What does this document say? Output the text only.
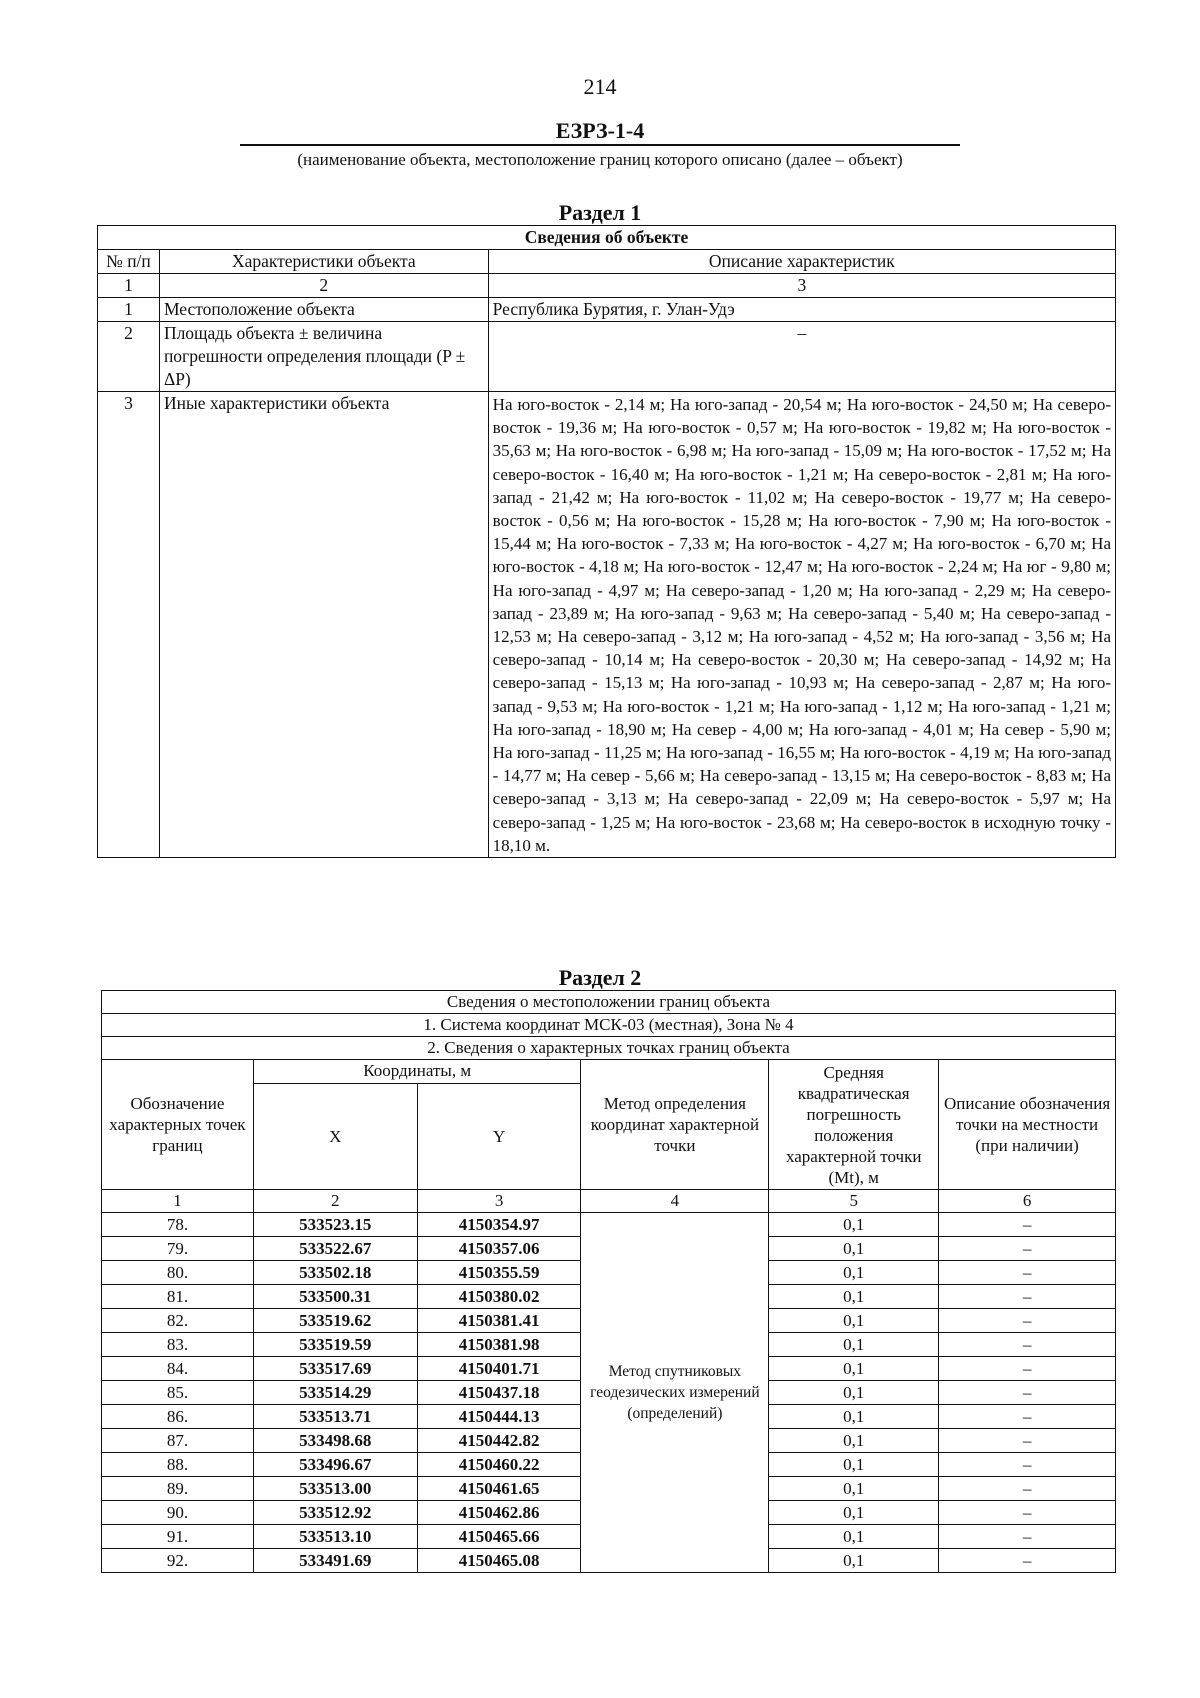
214
ЕЗРЗ-1-4
(наименование объекта, местоположение границ которого описано (далее – объект)
Раздел 1
Сведения об объекте		
№ п/п	Характеристики объекта	Описание характеристик
1	2	3
1	Местоположение объекта	Республика Бурятия, г. Улан-Удэ
2	Площадь объекта ± величина погрешности определения площади (P ± ΔP)	–
3	Иные характеристики объекта	На юго-восток - 2,14 м; На юго-запад - 20,54 м; На юго-восток - 24,50 м; На северо-восток - 19,36 м; На юго-восток - 0,57 м; На юго-восток - 19,82 м; На юго-восток - 35,63 м; На юго-восток - 6,98 м; На юго-запад - 15,09 м; На юго-восток - 17,52 м; На северо-восток - 16,40 м; На юго-восток - 1,21 м; На северо-восток - 2,81 м; На юго-запад - 21,42 м; На юго-восток - 11,02 м; На северо-восток - 19,77 м; На северо-восток - 0,56 м; На юго-восток - 15,28 м; На юго-восток - 7,90 м; На юго-восток - 15,44 м; На юго-восток - 7,33 м; На юго-восток - 4,27 м; На юго-восток - 6,70 м; На юго-восток - 4,18 м; На юго-восток - 12,47 м; На юго-восток - 2,24 м; На юг - 9,80 м; На юго-запад - 4,97 м; На северо-запад - 1,20 м; На юго-запад - 2,29 м; На северо-запад - 23,89 м; На юго-запад - 9,63 м; На северо-запад - 5,40 м; На северо-запад - 12,53 м; На северо-запад - 3,12 м; На юго-запад - 4,52 м; На юго-запад - 3,56 м; На северо-запад - 10,14 м; На северо-восток - 20,30 м; На северо-запад - 14,92 м; На северо-запад - 15,13 м; На юго-запад - 10,93 м; На северо-запад - 2,87 м; На юго-запад - 9,53 м; На юго-восток - 1,21 м; На юго-запад - 1,12 м; На юго-запад - 1,21 м; На юго-запад - 18,90 м; На север - 4,00 м; На юго-запад - 4,01 м; На север - 5,90 м; На юго-запад - 11,25 м; На юго-запад - 16,55 м; На юго-восток - 4,19 м; На юго-запад - 14,77 м; На север - 5,66 м; На северо-запад - 13,15 м; На северо-восток - 8,83 м; На северо-запад - 3,13 м; На северо-запад - 22,09 м; На северо-восток - 5,97 м; На северо-запад - 1,25 м; На юго-восток - 23,68 м; На северо-восток в исходную точку - 18,10 м.
Раздел 2
Сведения о местоположении границ объекта					
1. Система координат МСК-03 (местная), Зона № 4					
2. Сведения о характерных точках границ объекта					
Обозначение характерных точек границ	Координаты, м		Метод определения координат характерной точки	Средняя квадратическая погрешность положения характерной точки (Mt), м	Описание обозначения точки на местности (при наличии)
	X	Y			
1	2	3	4	5	6
78.	533523.15	4150354.97	Метод спутниковых геодезических измерений (определений)	0,1	–
79.	533522.67	4150357.06		0,1	–
80.	533502.18	4150355.59		0,1	–
81.	533500.31	4150380.02		0,1	–
82.	533519.62	4150381.41		0,1	–
83.	533519.59	4150381.98		0,1	–
84.	533517.69	4150401.71		0,1	–
85.	533514.29	4150437.18		0,1	–
86.	533513.71	4150444.13		0,1	–
87.	533498.68	4150442.82		0,1	–
88.	533496.67	4150460.22		0,1	–
89.	533513.00	4150461.65		0,1	–
90.	533512.92	4150462.86		0,1	–
91.	533513.10	4150465.66		0,1	–
92.	533491.69	4150465.08		0,1	–
